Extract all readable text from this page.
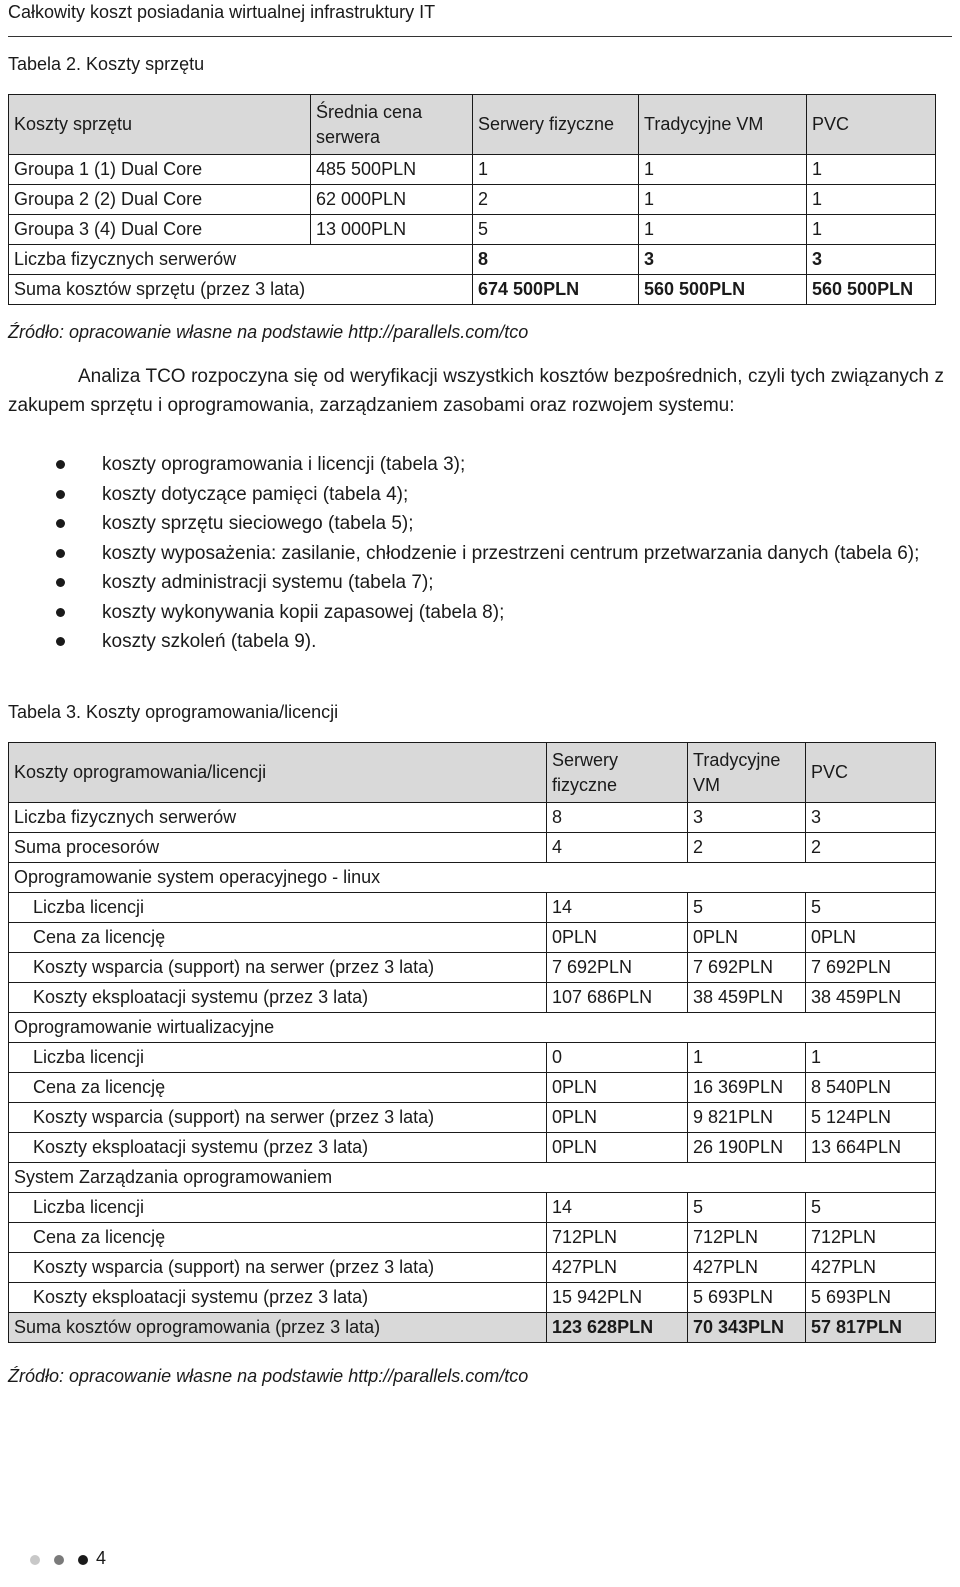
Całkowity koszt posiadania wirtualnej infrastruktury IT
Tabela 2. Koszty sprzętu
Koszty sprzętu	Średnia cena serwera	Serwery fizyczne	Tradycyjne VM	PVC
Groupa 1 (1) Dual Core	485 500PLN	1	1	1
Groupa 2 (2) Dual Core	62 000PLN	2	1	1
Groupa 3 (4) Dual Core	13 000PLN	5	1	1
Liczba fizycznych serwerów		8	3	3
Suma kosztów sprzętu (przez 3 lata)		674 500PLN	560 500PLN	560 500PLN
Źródło: opracowanie własne na podstawie http://parallels.com/tco

Analiza TCO rozpoczyna się od weryfikacji wszystkich kosztów bezpośrednich, czyli tych związanych z zakupem sprzętu i oprogramowania, zarządzaniem zasobami oraz rozwojem systemu:

koszty oprogramowania i licencji (tabela 3);
koszty dotyczące pamięci (tabela 4);
koszty sprzętu sieciowego (tabela 5);
koszty wyposażenia: zasilanie, chłodzenie i przestrzeni centrum przetwarzania danych (tabela 6);
koszty administracji systemu (tabela 7);
koszty wykonywania kopii zapasowej (tabela 8);
koszty szkoleń (tabela 9).
Tabela 3. Koszty oprogramowania/licencji
Koszty oprogramowania/licencji	Serwery fizyczne	Tradycyjne VM	PVC
Liczba fizycznych serwerów	8	3	3
Suma procesorów	4	2	2
Oprogramowanie system operacyjnego - linux			
Liczba licencji	14	5	5
Cena za licencję	0PLN	0PLN	0PLN
Koszty wsparcia (support) na serwer (przez 3 lata)	7 692PLN	7 692PLN	7 692PLN
Koszty eksploatacji systemu (przez 3 lata)	107 686PLN	38 459PLN	38 459PLN
Oprogramowanie wirtualizacyjne			
Liczba licencji	0	1	1
Cena za licencję	0PLN	16 369PLN	8 540PLN
Koszty wsparcia (support) na serwer (przez 3 lata)	0PLN	9 821PLN	5 124PLN
Koszty eksploatacji systemu (przez 3 lata)	0PLN	26 190PLN	13 664PLN
System Zarządzania oprogramowaniem			
Liczba licencji	14	5	5
Cena za licencję	712PLN	712PLN	712PLN
Koszty wsparcia (support) na serwer (przez 3 lata)	427PLN	427PLN	427PLN
Koszty eksploatacji systemu (przez 3 lata)	15 942PLN	5 693PLN	5 693PLN
Suma kosztów oprogramowania (przez 3 lata)	123 628PLN	70 343PLN	57 817PLN
Źródło: opracowanie własne na podstawie http://parallels.com/tco
4
